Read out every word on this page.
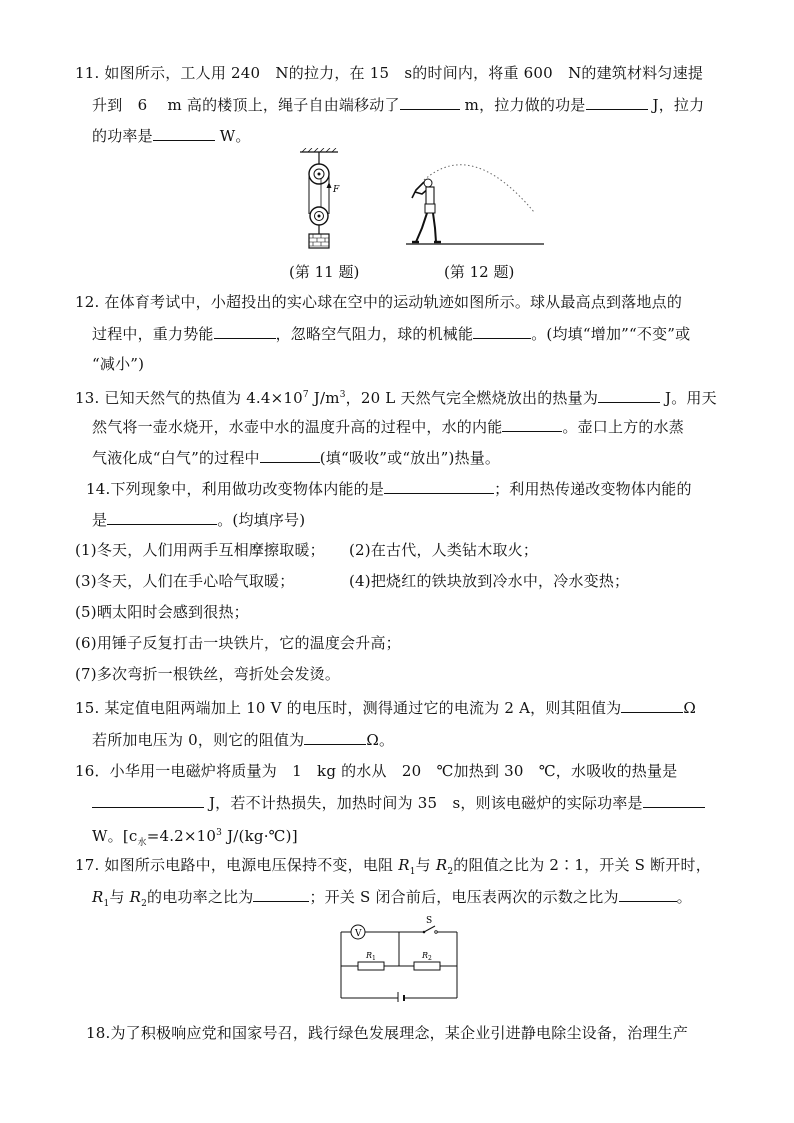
11. 如图所示，工人用 240　N的拉力，在 15　s的时间内，将重 600　N的建筑材料匀速提
升到　6　 m 高的楼顶上，绳子自由端移动了	m，拉力做的功是	J，拉力
的功率是	W。
F
(第 11 题)	(第 12 题)
12. 在体育考试中，小超投出的实心球在空中的运动轨迹如图所示。球从最高点到落地点的
过程中，重力势能	，忽略空气阻力，球的机械能	。(均填“增加”“不变”或
“减小”)
13. 已知天然气的热值为 $4.4\times 10^7$ $J/m^3$，20 L 天然气完全燃烧放出的热量为	J。用天
然气将一壶水烧开，水壶中水的温度升高的过程中，水的内能	。壶口上方的水蒸
气液化成“白气”的过程中	(填“吸收”或“放出”)热量。
14.下列现象中，利用做功改变物体内能的是	；利用热传递改变物体内能的
是	。(均填序号)
(1)冬天，人们用两手互相摩擦取暖； (2)在古代，人类钻木取火；
(3)冬天，人们在手心哈气取暖；	(4)把烧红的铁块放到冷水中，冷水变热；
(5)晒太阳时会感到很热；
(6)用锤子反复打击一块铁片，它的温度会升高；
(7)多次弯折一根铁丝，弯折处会发烫。
15. 某定值电阻两端加上 10 V 的电压时，测得通过它的电流为 2 A，则其阻值为	Ω
若所加电压为 0，则它的阻值为	Ω。
16．小华用一电磁炉将质量为　1　kg 的水从　20　℃加热到 30　℃，水吸收的热量是
J，若不计热损失，加热时间为 35　s，则该电磁炉的实际功率是
W。[$c_水=4.2\times 10^3$ J/(kg·℃)]
17. 如图所示电路中，电源电压保持不变，电阻 $R_1$与 $R_2$的阻值之比为 2∶1，开关 S 断开时，
$R_1$与 $R_2$的电功率之比为	；开关 S 闭合前后，电压表两次的示数之比为	。
V
S
R 1	R 2
18.为了积极响应党和国家号召，践行绿色发展理念，某企业引进静电除尘设备，治理生产
